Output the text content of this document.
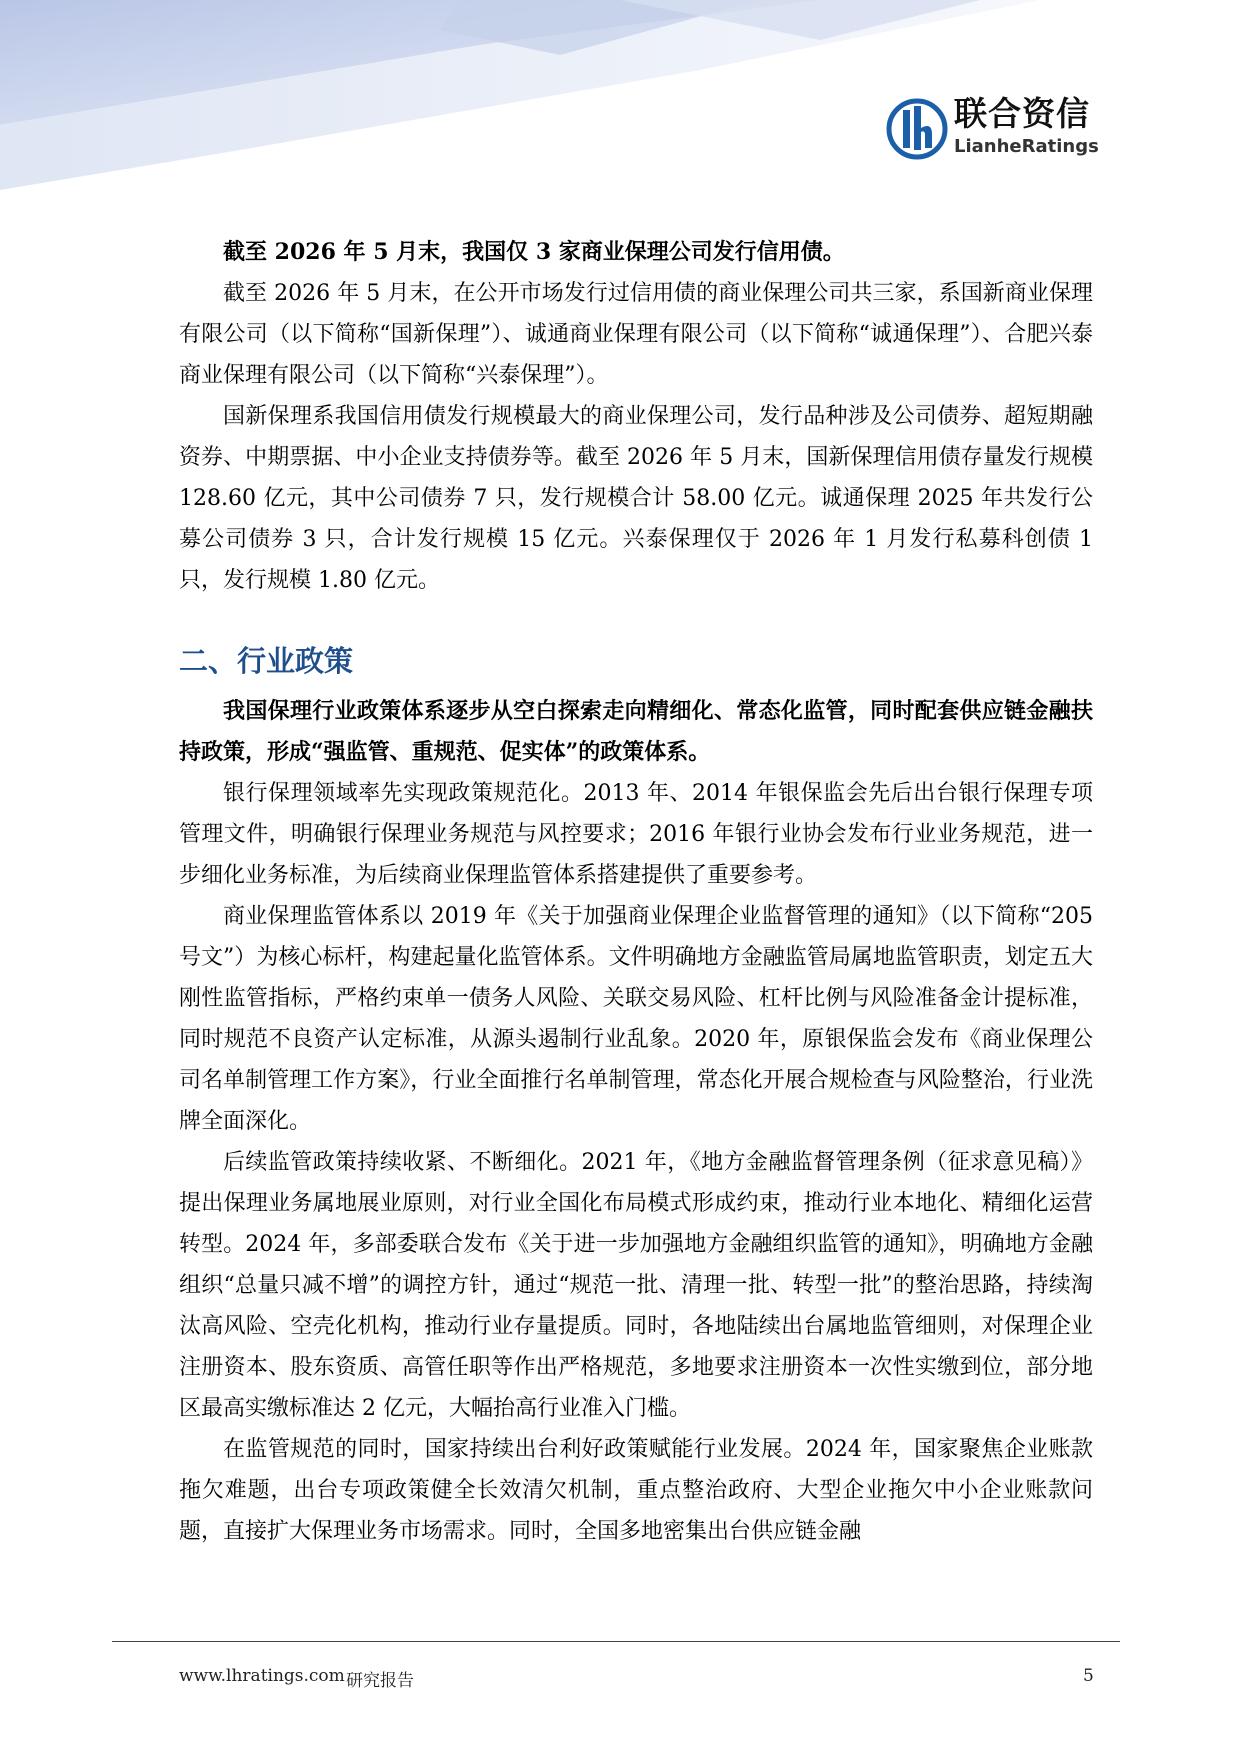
联合资信
LianheRatings

截至 2026 年 5 月末，我国仅 3 家商业保理公司发行信用债。

截至 2026 年 5 月末，在公开市场发行过信用债的商业保理公司共三家，系国新商业保理有限公司（以下简称“国新保理”）、诚通商业保理有限公司（以下简称“诚通保理”）、合肥兴泰商业保理有限公司（以下简称“兴泰保理”）。

国新保理系我国信用债发行规模最大的商业保理公司，发行品种涉及公司债券、超短期融资券、中期票据、中小企业支持债券等。截至 2026 年 5 月末，国新保理信用债存量发行规模 128.60 亿元，其中公司债券 7 只，发行规模合计 58.00 亿元。诚通保理 2025 年共发行公募公司债券 3 只，合计发行规模 15 亿元。兴泰保理仅于 2026 年 1 月发行私募科创债 1 只，发行规模 1.80 亿元。

二、行业政策

我国保理行业政策体系逐步从空白探索走向精细化、常态化监管，同时配套供应链金融扶持政策，形成“强监管、重规范、促实体”的政策体系。

银行保理领域率先实现政策规范化。2013 年、2014 年银保监会先后出台银行保理专项管理文件，明确银行保理业务规范与风控要求；2016 年银行业协会发布行业业务规范，进一步细化业务标准，为后续商业保理监管体系搭建提供了重要参考。

商业保理监管体系以 2019 年《关于加强商业保理企业监督管理的通知》（以下简称“205 号文”）为核心标杆，构建起量化监管体系。文件明确地方金融监管局属地监管职责，划定五大刚性监管指标，严格约束单一债务人风险、关联交易风险、杠杆比例与风险准备金计提标准，同时规范不良资产认定标准，从源头遏制行业乱象。2020 年，原银保监会发布《商业保理公司名单制管理工作方案》，行业全面推行名单制管理，常态化开展合规检查与风险整治，行业洗牌全面深化。

后续监管政策持续收紧、不断细化。2021 年，《地方金融监督管理条例（征求意见稿）》提出保理业务属地展业原则，对行业全国化布局模式形成约束，推动行业本地化、精细化运营转型。2024 年，多部委联合发布《关于进一步加强地方金融组织监管的通知》，明确地方金融组织“总量只减不增”的调控方针，通过“规范一批、清理一批、转型一批”的整治思路，持续淘汰高风险、空壳化机构，推动行业存量提质。同时，各地陆续出台属地监管细则，对保理企业注册资本、股东资质、高管任职等作出严格规范，多地要求注册资本一次性实缴到位，部分地区最高实缴标准达 2 亿元，大幅抬高行业准入门槛。

在监管规范的同时，国家持续出台利好政策赋能行业发展。2024 年，国家聚焦企业账款拖欠难题，出台专项政策健全长效清欠机制，重点整治政府、大型企业拖欠中小企业账款问题，直接扩大保理业务市场需求。同时，全国多地密集出台供应链金融

www.lhratings.com 研究报告	5
